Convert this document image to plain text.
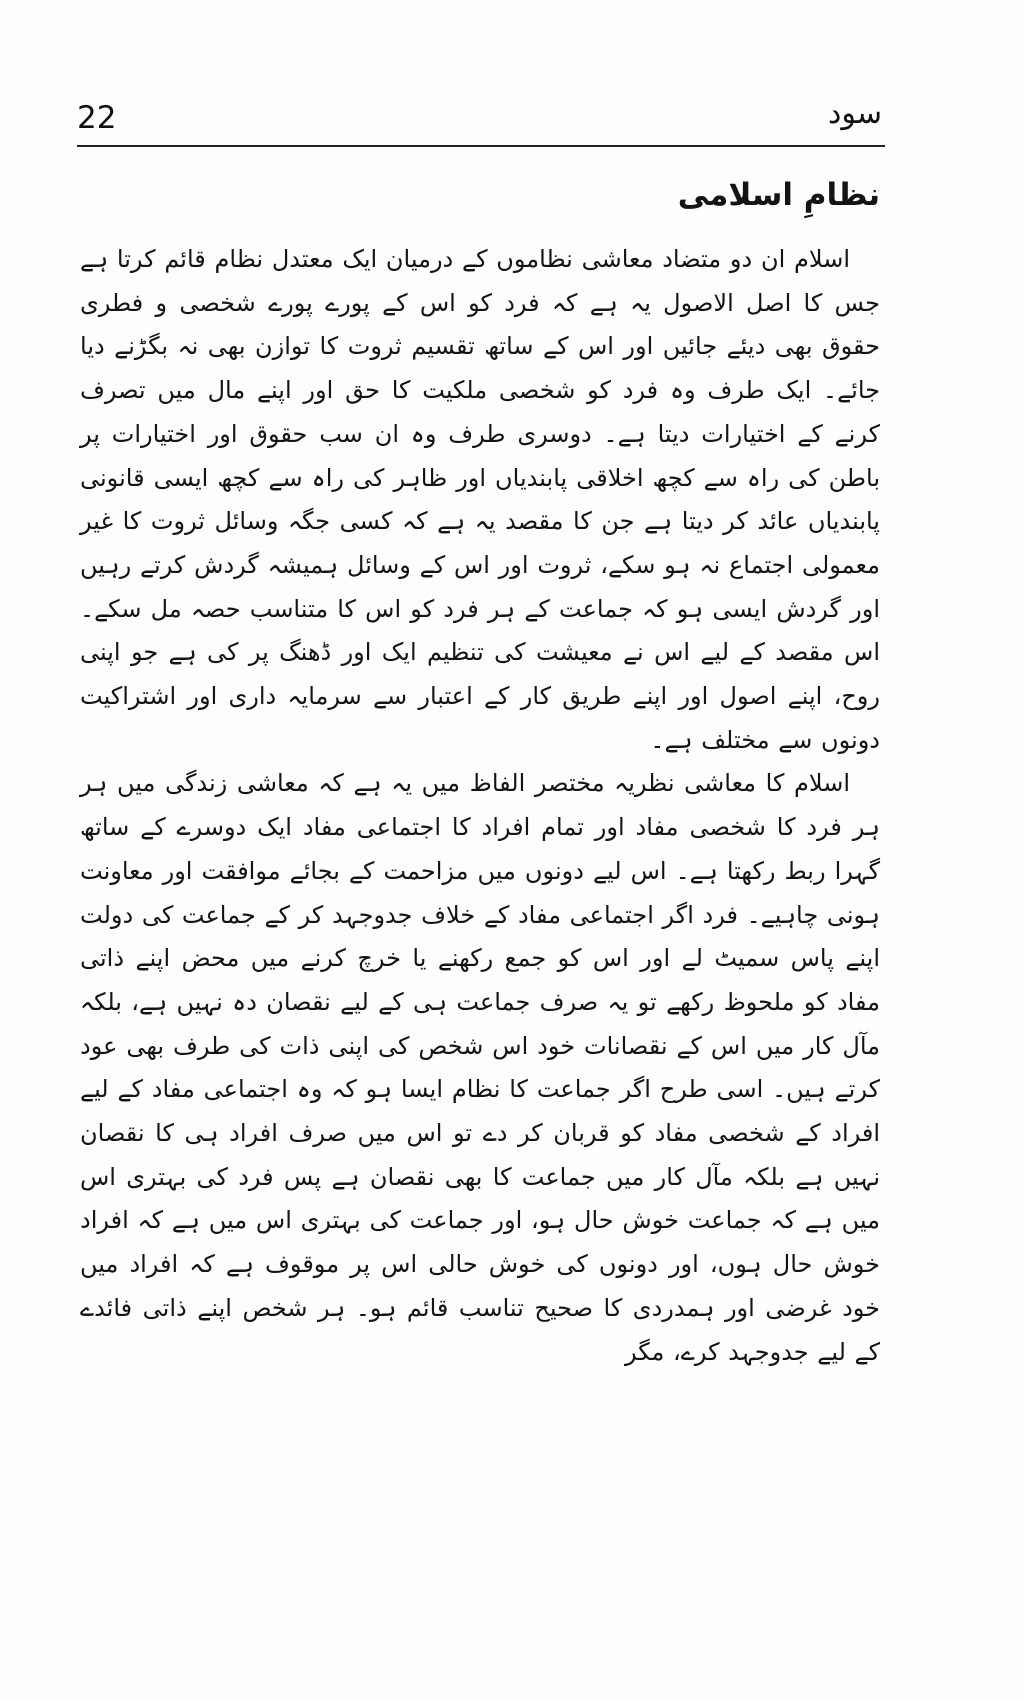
22	سود
نظامِ اسلامی

اسلام ان دو متضاد معاشی نظاموں کے درمیان ایک معتدل نظام قائم کرتا ہے جس کا اصل الاصول یہ ہے کہ فرد کو اس کے پورے پورے شخصی و فطری حقوق بھی دیئے جائیں اور اس کے ساتھ تقسیم ثروت کا توازن بھی نہ بگڑنے دیا جائے۔ ایک طرف وہ فرد کو شخصی ملکیت کا حق اور اپنے مال میں تصرف کرنے کے اختیارات دیتا ہے۔ دوسری طرف وہ ان سب حقوق اور اختیارات پر باطن کی راہ سے کچھ اخلاقی پابندیاں اور ظاہر کی راہ سے کچھ ایسی قانونی پابندیاں عائد کر دیتا ہے جن کا مقصد یہ ہے کہ کسی جگہ وسائل ثروت کا غیر معمولی اجتماع نہ ہو سکے، ثروت اور اس کے وسائل ہمیشہ گردش کرتے رہیں اور گردش ایسی ہو کہ جماعت کے ہر فرد کو اس کا متناسب حصہ مل سکے۔ اس مقصد کے لیے اس نے معیشت کی تنظیم ایک اور ڈھنگ پر کی ہے جو اپنی روح، اپنے اصول اور اپنے طریق کار کے اعتبار سے سرمایہ داری اور اشتراکیت دونوں سے مختلف ہے۔

اسلام کا معاشی نظریہ مختصر الفاظ میں یہ ہے کہ معاشی زندگی میں ہر ہر فرد کا شخصی مفاد اور تمام افراد کا اجتماعی مفاد ایک دوسرے کے ساتھ گہرا ربط رکھتا ہے۔ اس لیے دونوں میں مزاحمت کے بجائے موافقت اور معاونت ہونی چاہیے۔ فرد اگر اجتماعی مفاد کے خلاف جدوجہد کر کے جماعت کی دولت اپنے پاس سمیٹ لے اور اس کو جمع رکھنے یا خرچ کرنے میں محض اپنے ذاتی مفاد کو ملحوظ رکھے تو یہ صرف جماعت ہی کے لیے نقصان دہ نہیں ہے، بلکہ مآل کار میں اس کے نقصانات خود اس شخص کی اپنی ذات کی طرف بھی عود کرتے ہیں۔ اسی طرح اگر جماعت کا نظام ایسا ہو کہ وہ اجتماعی مفاد کے لیے افراد کے شخصی مفاد کو قربان کر دے تو اس میں صرف افراد ہی کا نقصان نہیں ہے بلکہ مآل کار میں جماعت کا بھی نقصان ہے پس فرد کی بہتری اس میں ہے کہ جماعت خوش حال ہو، اور جماعت کی بہتری اس میں ہے کہ افراد خوش حال ہوں، اور دونوں کی خوش حالی اس پر موقوف ہے کہ افراد میں خود غرضی اور ہمدردی کا صحیح تناسب قائم ہو۔ ہر شخص اپنے ذاتی فائدے کے لیے جدوجہد کرے، مگر
